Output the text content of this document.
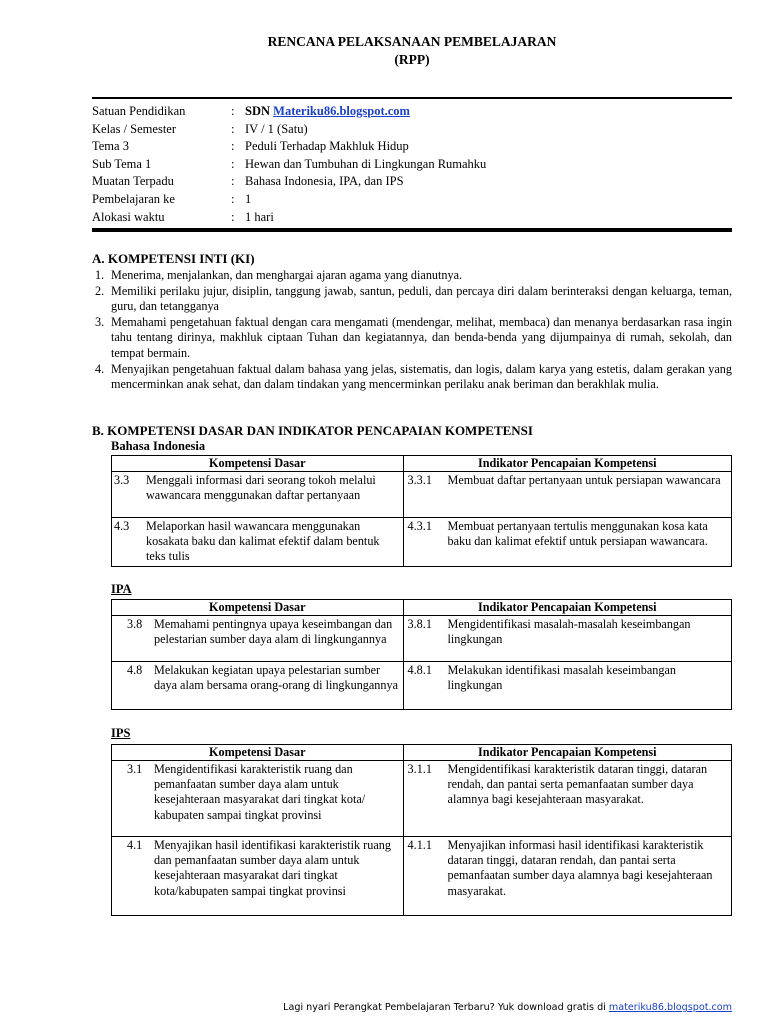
RENCANA PELAKSANAAN PEMBELAJARAN
(RPP)
Satuan Pendidikan	: SDN Materiku86.blogspot.com
Kelas / Semester	: IV / 1 (Satu)
Tema 3	: Peduli Terhadap Makhluk Hidup
Sub Tema 1	: Hewan dan Tumbuhan di Lingkungan Rumahku
Muatan Terpadu	: Bahasa Indonesia, IPA, dan IPS
Pembelajaran ke	: 1
Alokasi waktu	: 1 hari
A. KOMPETENSI INTI (KI)
1. Menerima, menjalankan, dan menghargai ajaran agama yang dianutnya.
2. Memiliki perilaku jujur, disiplin, tanggung jawab, santun, peduli, dan percaya diri dalam berinteraksi dengan keluarga, teman, guru, dan tetangganya
3. Memahami pengetahuan faktual dengan cara mengamati (mendengar, melihat, membaca) dan menanya berdasarkan rasa ingin tahu tentang dirinya, makhluk ciptaan Tuhan dan kegiatannya, dan benda-benda yang dijumpainya di rumah, sekolah, dan tempat bermain.
4. Menyajikan pengetahuan faktual dalam bahasa yang jelas, sistematis, dan logis, dalam karya yang estetis, dalam gerakan yang mencerminkan anak sehat, dan dalam tindakan yang mencerminkan perilaku anak beriman dan berakhlak mulia.
B. KOMPETENSI DASAR DAN INDIKATOR PENCAPAIAN KOMPETENSI
Bahasa Indonesia
Kompetensi Dasar	Indikator Pencapaian Kompetensi

3.3 Menggali informasi dari seorang tokoh melalui wawancara menggunakan daftar pertanyaan	3.3.1 Membuat daftar pertanyaan untuk persiapan wawancara

4.3 Melaporkan hasil wawancara menggunakan kosakata baku dan kalimat efektif dalam bentuk teks tulis	4.3.1 Membuat pertanyaan tertulis menggunakan kosa kata baku dan kalimat efektif untuk persiapan wawancara.
IPA
Kompetensi Dasar	Indikator Pencapaian Kompetensi

3.8 Memahami pentingnya upaya keseimbangan dan pelestarian sumber daya alam di lingkungannya	3.8.1 Mengidentifikasi masalah-masalah keseimbangan lingkungan

4.8 Melakukan kegiatan upaya pelestarian sumber daya alam bersama orang-orang di lingkungannya	4.8.1 Melakukan identifikasi masalah keseimbangan lingkungan
IPS
Kompetensi Dasar	Indikator Pencapaian Kompetensi

3.1 Mengidentifikasi karakteristik ruang dan pemanfaatan sumber daya alam untuk kesejahteraan masyarakat dari tingkat kota/ kabupaten sampai tingkat provinsi	3.1.1 Mengidentifikasi karakteristik dataran tinggi, dataran rendah, dan pantai serta pemanfaatan sumber daya alamnya bagi kesejahteraan masyarakat.

4.1 Menyajikan hasil identifikasi karakteristik ruang dan pemanfaatan sumber daya alam untuk kesejahteraan masyarakat dari tingkat kota/kabupaten sampai tingkat provinsi	4.1.1 Menyajikan informasi hasil identifikasi karakteristik dataran tinggi, dataran rendah, dan pantai serta pemanfaatan sumber daya alamnya bagi kesejahteraan masyarakat.
Lagi nyari Perangkat Pembelajaran Terbaru? Yuk download gratis di materiku86.blogspot.com
